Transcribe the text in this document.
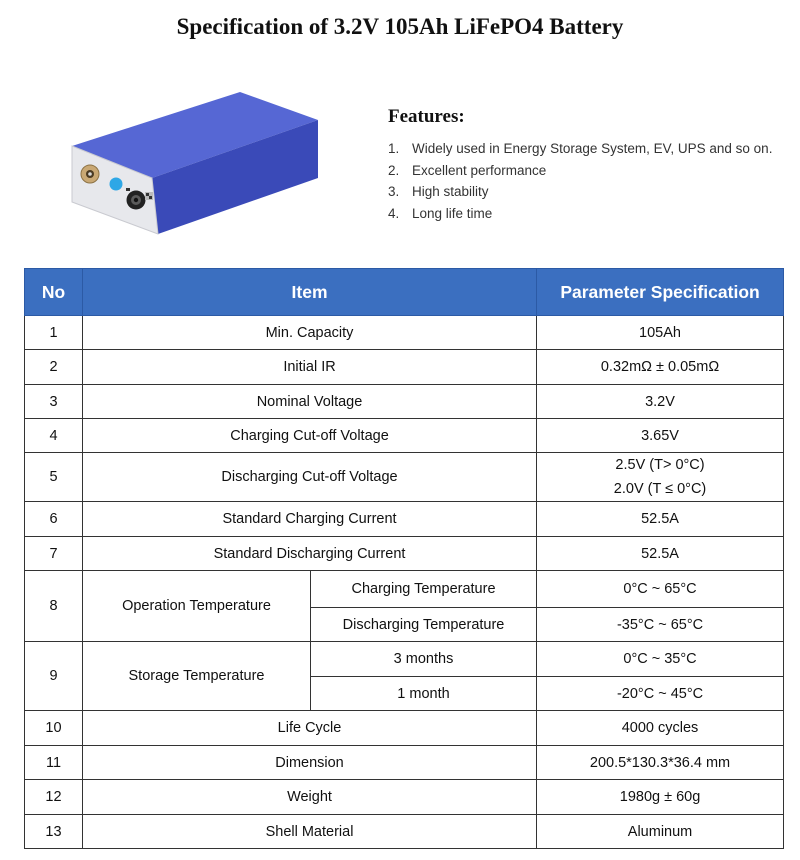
Specification of 3.2V 105Ah LiFePO4 Battery
Features:
1. Widely used in Energy Storage System, EV, UPS and so on.
2. Excellent performance
3. High stability
4. Long life time
No	Item		Parameter Specification
1	Min. Capacity		105Ah
2	Initial IR		0.32mΩ ± 0.05mΩ
3	Nominal Voltage		3.2V
4	Charging Cut-off Voltage		3.65V
5	Discharging Cut-off Voltage		2.5V (T> 0°C)
2.0V (T ≤ 0°C)

6	Standard Charging Current		52.5A
7	Standard Discharging Current		52.5A
8	Operation Temperature	Charging Temperature	0°C ~ 65°C
		Discharging Temperature	-35°C ~ 65°C
9	Storage Temperature	3 months	0°C ~ 35°C
		1 month	-20°C ~ 45°C
10	Life Cycle		4000 cycles
11	Dimension		200.5*130.3*36.4 mm
12	Weight		1980g ± 60g
13	Shell Material		Aluminum
